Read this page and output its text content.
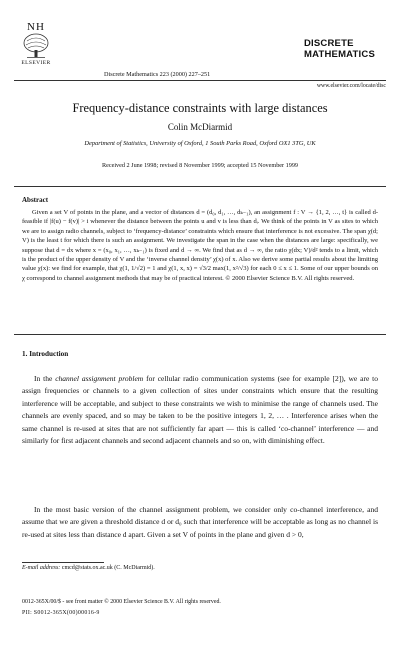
NH
ELSEVIER
Discrete Mathematics 223 (2000) 227–251
DISCRETE
MATHEMATICS
www.elsevier.com/locate/disc
Frequency-distance constraints with large distances
Colin McDiarmid
Department of Statistics, University of Oxford, 1 South Parks Road, Oxford OX1 3TG, UK
Received 2 June 1998; revised 8 November 1999; accepted 15 November 1999
Abstract
Given a set V of points in the plane, and a vector of distances d = (d₀, d₁, …, dₖ₋₁), an assignment f : V → {1, 2, …, t} is called d-feasible if |f(u) − f(v)| > i whenever the distance between the points u and v is less than dᵢ. We think of the points in V as sites to which we are to assign radio channels, subject to ‘frequency-distance’ constraints which ensure that interference is not excessive. The span χ(d; V) is the least t for which there is such an assignment. We investigate the span in the case when the distances are large: specifically, we suppose that d = dx where x = (x₀, x₁, …, xₖ₋₁) is fixed and d → ∞. We find that as d → ∞, the ratio χ(dx; V)/d² tends to a limit, which is the product of the upper density of V and the ‘inverse channel density’ χ(x) of x. Also we derive some partial results about the limiting value χ(x): we find for example, that χ(1, 1/√2) = 1 and χ(1, x, x) = √3/2 max(1, x²/√3) for each 0 ≤ x ≤ 1. Some of our upper bounds on χ correspond to channel assignment methods that may be of practical interest. © 2000 Elsevier Science B.V. All rights reserved.
1. Introduction
In the channel assignment problem for cellular radio communication systems (see for example [2]), we are to assign frequencies or channels to a given collection of sites under constraints which ensure that the resulting interference will be acceptable, and subject to these constraints we wish to minimise the range of channels used. The channels are evenly spaced, and so may be taken to be the positive integers 1, 2, … . Interference arises when the same channel is re-used at sites that are not sufficiently far apart — this is called ‘co-channel’ interference — and similarly for first adjacent channels and second adjacent channels and so on, with diminishing effect.
In the most basic version of the channel assignment problem, we consider only co-channel interference, and assume that we are given a threshold distance d or d₀ such that interference will be acceptable as long as no channel is re-used at sites less than distance d apart. Given a set V of points in the plane and given d > 0,
E-mail address: cmcd@stats.ox.ac.uk (C. McDiarmid).
0012-365X/00/$ - see front matter © 2000 Elsevier Science B.V. All rights reserved.
PII: S0012-365X(00)00016-9
